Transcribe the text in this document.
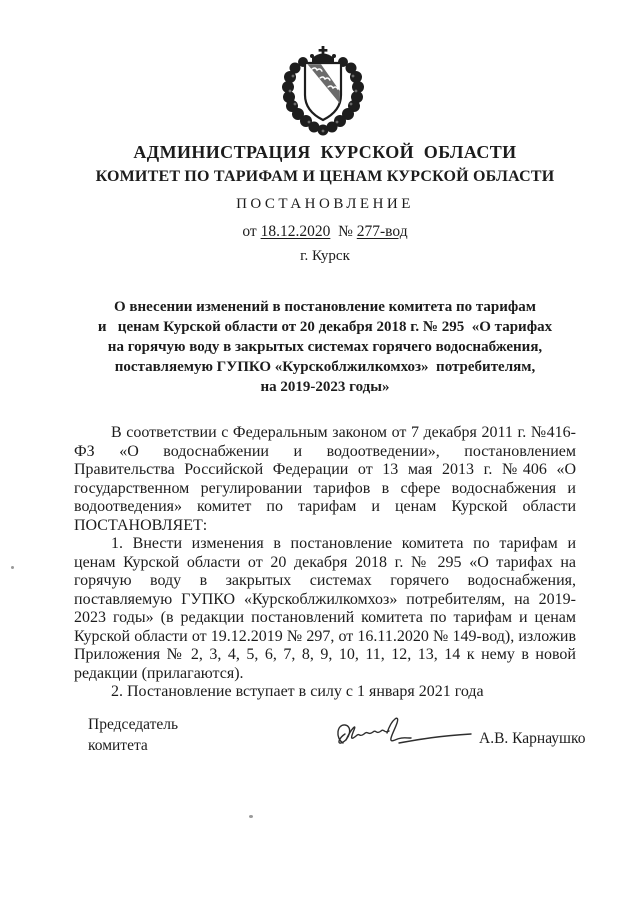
АДМИНИСТРАЦИЯ  КУРСКОЙ  ОБЛАСТИ
КОМИТЕТ ПО ТАРИФАМ И ЦЕНАМ КУРСКОЙ ОБЛАСТИ
ПОСТАНОВЛЕНИЕ
от 18.12.2020  № 277-вод
г. Курск
О внесении изменений в постановление комитета по тарифам
и   ценам Курской области от 20 декабря 2018 г. № 295  «О тарифах
на горячую воду в закрытых системах горячего водоснабжения,
поставляемую ГУПКО «Курскоблжилкомхоз»  потребителям,
на 2019-2023 годы»

В соответствии с Федеральным законом от 7 декабря 2011 г. №416-ФЗ «О водоснабжении и водоотведении», постановлением Правительства Российской Федерации от 13 мая 2013 г. №406 «О государственном регулировании тарифов в сфере водоснабжения и водоотведения» комитет по тарифам и ценам Курской области

ПОСТАНОВЛЯЕТ:

1. Внести изменения в постановление комитета по тарифам и ценам Курской области от 20 декабря 2018 г. № 295 «О тарифах на горячую воду в закрытых системах горячего водоснабжения, поставляемую ГУПКО «Курскоблжилкомхоз» потребителям, на 2019-2023 годы» (в редакции постановлений комитета по тарифам и ценам Курской области от 19.12.2019 № 297, от 16.11.2020 № 149-вод), изложив Приложения № 2, 3, 4, 5, 6, 7, 8, 9, 10, 11, 12, 13, 14 к нему в новой редакции (прилагаются).

2. Постановление вступает в силу с 1 января 2021 года

Председатель
комитета	А.В. Карнаушко
